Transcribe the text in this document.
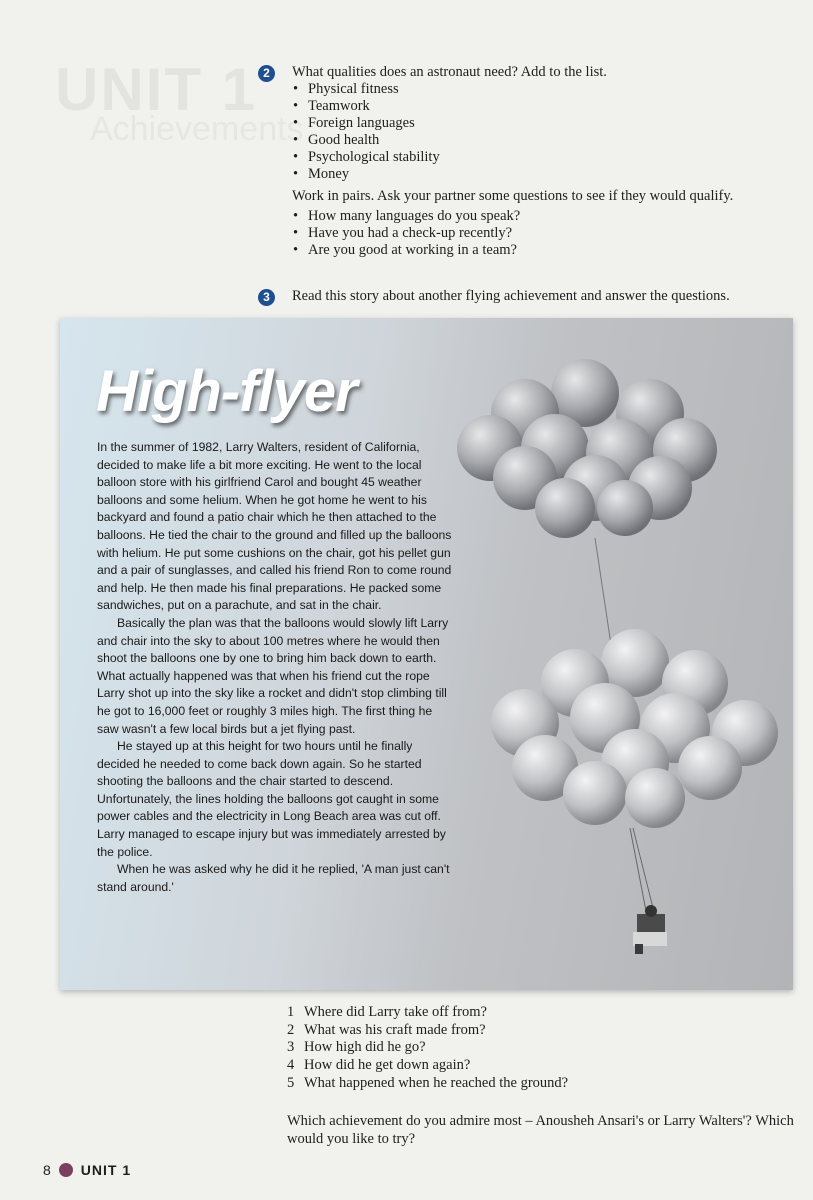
UNIT 1
Achievements
2	What qualities does an astronaut need? Add to the list.
• Physical fitness
• Teamwork
• Foreign languages
• Good health
• Psychological stability
• Money
Work in pairs. Ask your partner some questions to see if they would qualify.
• How many languages do you speak?
• Have you had a check-up recently?
• Are you good at working in a team?
3	Read this story about another flying achievement and answer the questions.
High-flyer

In the summer of 1982, Larry Walters, resident of California, decided to make life a bit more exciting. He went to the local balloon store with his girlfriend Carol and bought 45 weather balloons and some helium. When he got home he went to his backyard and found a patio chair which he then attached to the balloons. He tied the chair to the ground and filled up the balloons with helium. He put some cushions on the chair, got his pellet gun and a pair of sunglasses, and called his friend Ron to come round and help. He then made his final preparations. He packed some sandwiches, put on a parachute, and sat in the chair.

Basically the plan was that the balloons would slowly lift Larry and chair into the sky to about 100 metres where he would then shoot the balloons one by one to bring him back down to earth. What actually happened was that when his friend cut the rope Larry shot up into the sky like a rocket and didn't stop climbing till he got to 16,000 feet or roughly 3 miles high. The first thing he saw wasn't a few local birds but a jet flying past.

He stayed up at this height for two hours until he finally decided he needed to come back down again. So he started shooting the balloons and the chair started to descend. Unfortunately, the lines holding the balloons got caught in some power cables and the electricity in Long Beach area was cut off. Larry managed to escape injury but was immediately arrested by the police.

When he was asked why he did it he replied, 'A man just can't stand around.'

1 Where did Larry take off from?
2 What was his craft made from?
3 How high did he go?
4 How did he get down again?
5 What happened when he reached the ground?
Which achievement do you admire most – Anousheh Ansari's or Larry Walters'? Which would you like to try?
8 UNIT 1
